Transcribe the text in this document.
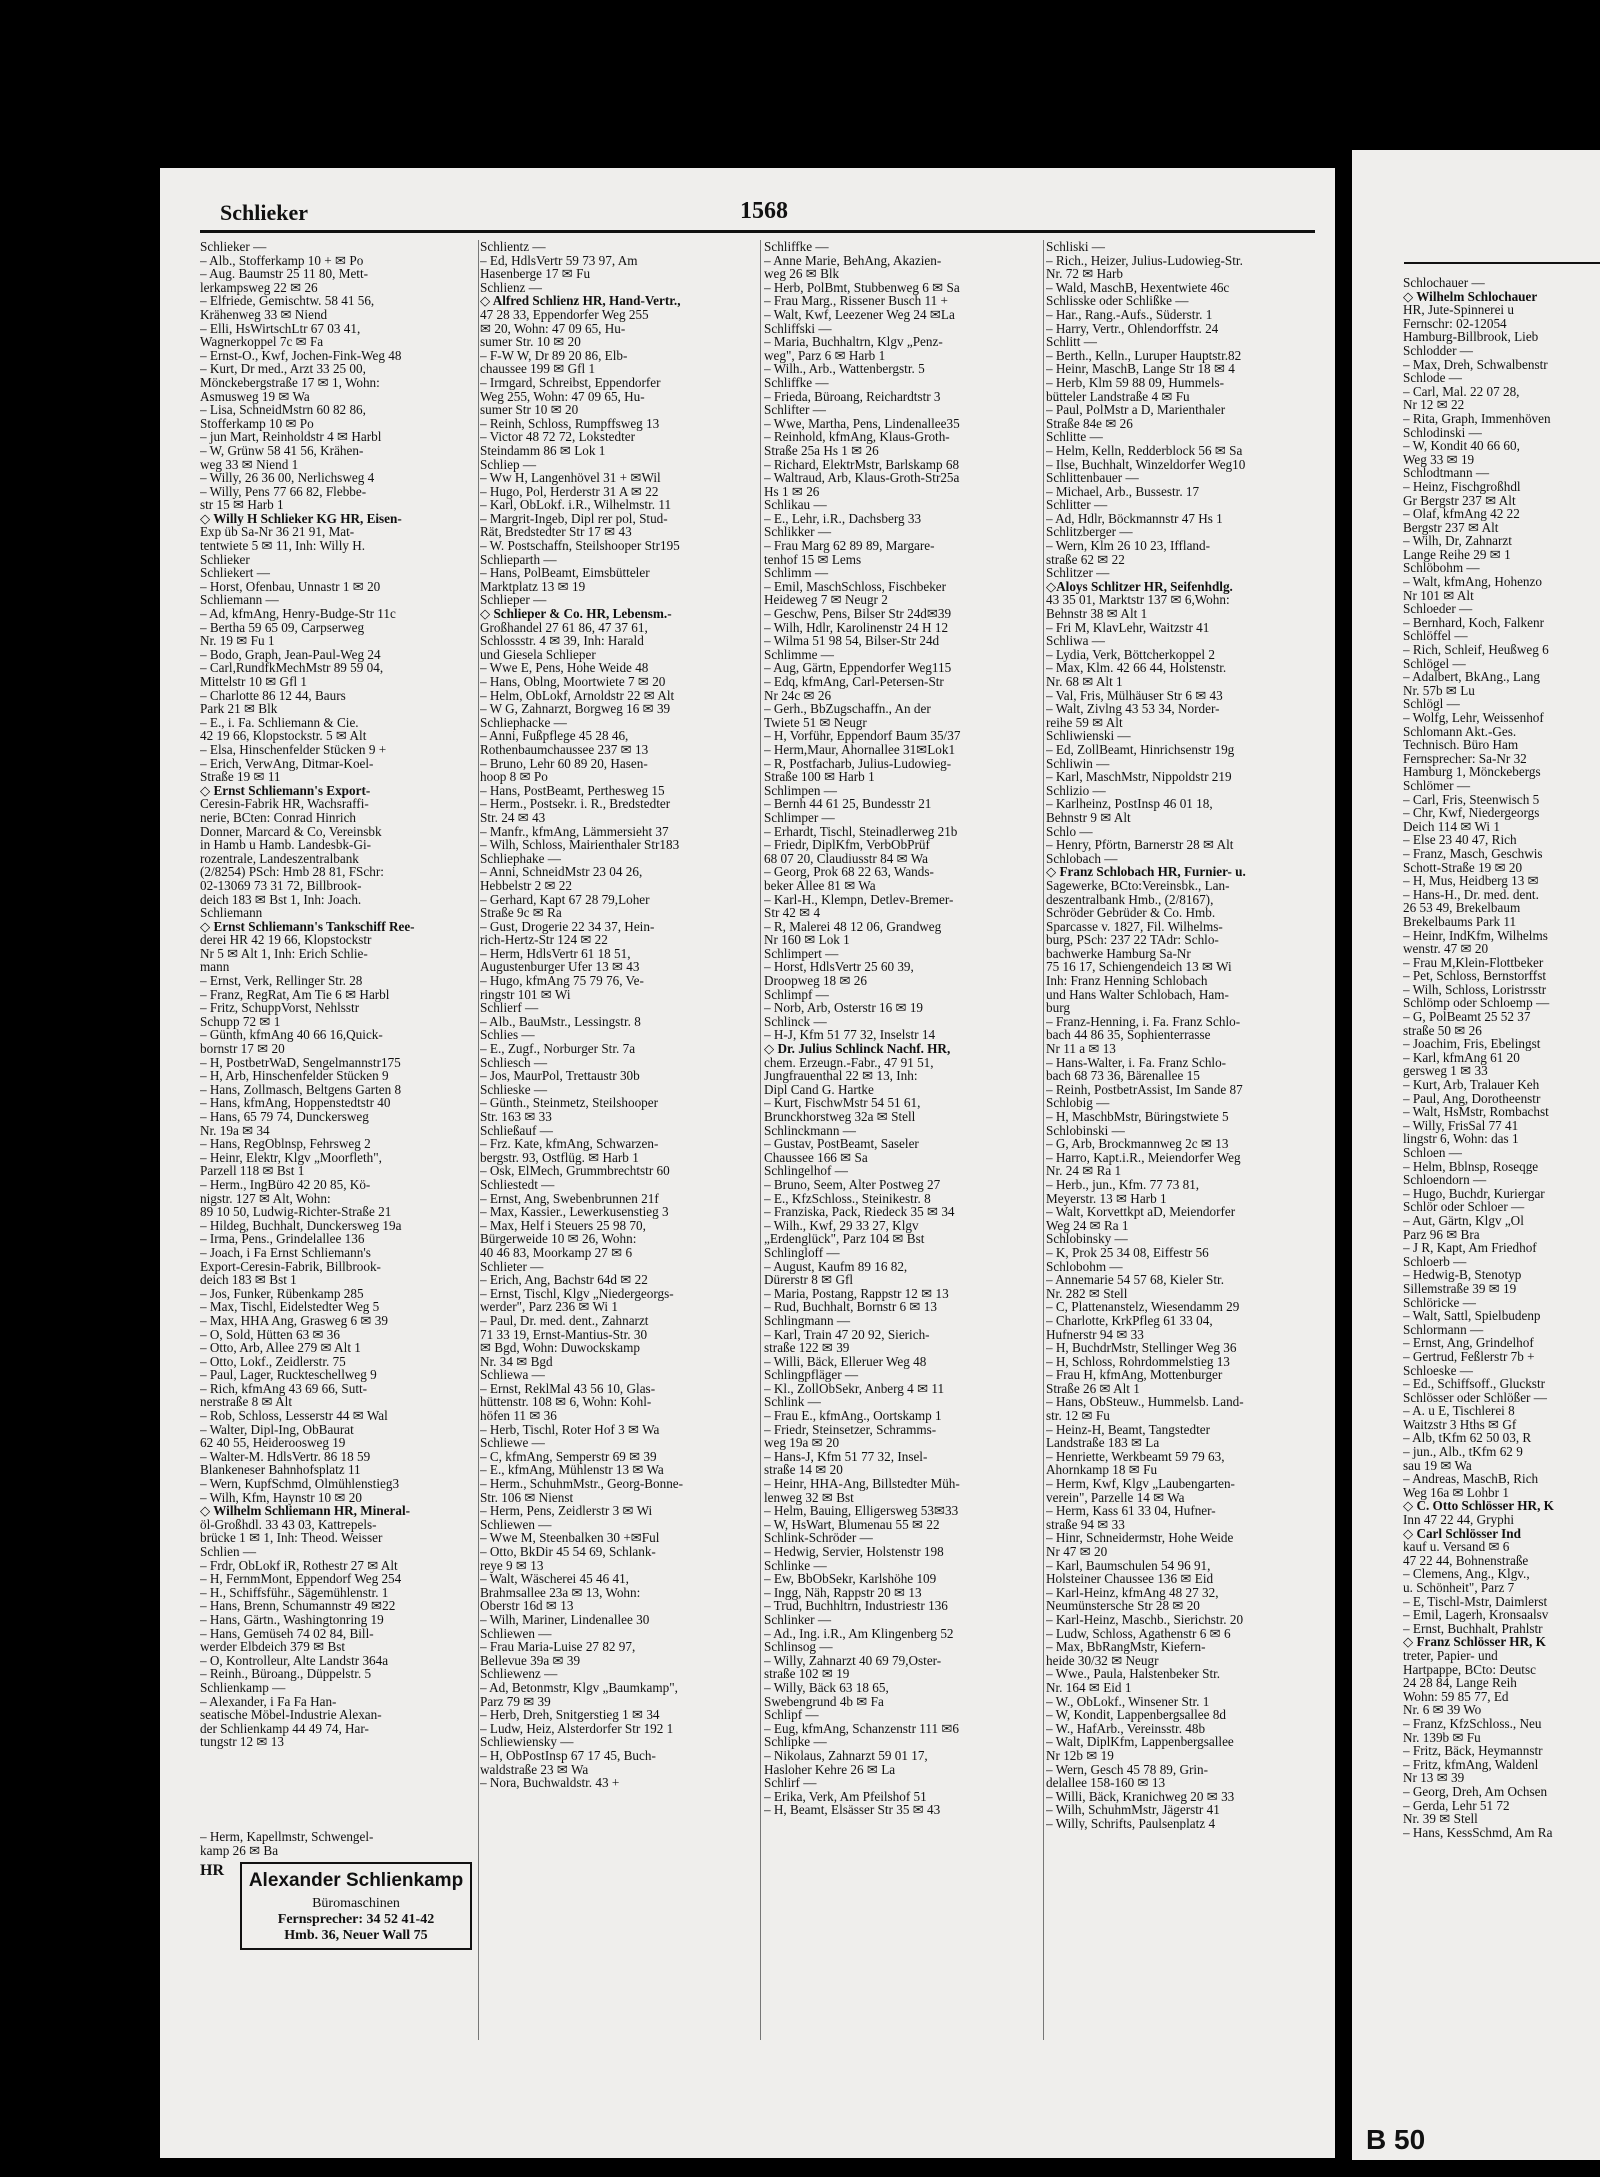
Schlieker	1568
Schlieker —
– Alb., Stofferkamp 10 + ✉ Po
– Aug. Baumstr 25 11 80, Mett-
lerkampsweg 22 ✉ 26
– Elfriede, Gemischtw. 58 41 56,
Krähenweg 33 ✉ Niend
– Elli, HsWirtschLtr 67 03 41,
Wagnerkoppel 7c ✉ Fa
– Ernst-O., Kwf, Jochen-Fink-Weg 48
– Kurt, Dr med., Arzt 33 25 00,
Mönckebergstraße 17 ✉ 1, Wohn:
Asmusweg 19 ✉ Wa
– Lisa, SchneidMstrn 60 82 86,
Stofferkamp 10 ✉ Po
– jun Mart, Reinholdstr 4 ✉ Harbl
– W, Grünw 58 41 56, Krähen-
weg 33 ✉ Niend 1
– Willy, 26 36 00, Nerlichsweg 4
– Willy, Pens 77 66 82, Flebbe-
str 15 ✉ Harb 1
◇ Willy H Schlieker KG HR, Eisen-
Exp üb Sa-Nr 36 21 91, Mat-
tentwiete 5 ✉ 11, Inh: Willy H.
Schlieker
Schliekert —
– Horst, Ofenbau, Unnastr 1 ✉ 20
Schliemann —
– Ad, kfmAng, Henry-Budge-Str 11c
– Bertha 59 65 09, Carpserweg
Nr. 19 ✉ Fu 1
– Bodo, Graph, Jean-Paul-Weg 24
– Carl,RundfkMechMstr 89 59 04,
Mittelstr 10 ✉ Gfl 1
– Charlotte 86 12 44, Baurs
Park 21 ✉ Blk
– E., i. Fa. Schliemann & Cie.
42 19 66, Klopstockstr. 5 ✉ Alt
– Elsa, Hinschenfelder Stücken 9 +
– Erich, VerwAng, Ditmar-Koel-
Straße 19 ✉ 11
◇ Ernst Schliemann's Export-
Ceresin-Fabrik HR, Wachsraffi-
nerie, BCten: Conrad Hinrich
Donner, Marcard & Co, Vereinsbk
in Hamb u Hamb. Landesbk-Gi-
rozentrale, Landeszentralbank
(2/8254) PSch: Hmb 28 81, FSchr:
02-13069 73 31 72, Billbrook-
deich 183 ✉ Bst 1, Inh: Joach.
Schliemann
◇ Ernst Schliemann's Tankschiff Ree-
derei HR 42 19 66, Klopstockstr
Nr 5 ✉ Alt 1, Inh: Erich Schlie-
mann
– Ernst, Verk, Rellinger Str. 28
– Franz, RegRat, Am Tie 6 ✉ Harbl
– Fritz, SchuppVorst, Nehlsstr
Schupp 72 ✉ 1
– Günth, kfmAng 40 66 16,Quick-
bornstr 17 ✉ 20
– H, PostbetrWaD, Sengelmannstr175
– H, Arb, Hinschenfelder Stücken 9
– Hans, Zollmasch, Beltgens Garten 8
– Hans, kfmAng, Hoppenstedtstr 40
– Hans, 65 79 74, Dunckersweg
Nr. 19a ✉ 34
– Hans, RegOblnsp, Fehrsweg 2
– Heinr, Elektr, Klgv „Moorfleth",
Parzell 118 ✉ Bst 1
– Herm., IngBüro 42 20 85, Kö-
nigstr. 127 ✉ Alt, Wohn:
89 10 50, Ludwig-Richter-Straße 21
– Hildeg, Buchhalt, Dunckersweg 19a
– Irma, Pens., Grindelallee 136
– Joach, i Fa Ernst Schliemann's
Export-Ceresin-Fabrik, Billbrook-
deich 183 ✉ Bst 1
– Jos, Funker, Rübenkamp 285
– Max, Tischl, Eidelstedter Weg 5
– Max, HHA Ang, Grasweg 6 ✉ 39
– O, Sold, Hütten 63 ✉ 36
– Otto, Arb, Allee 279 ✉ Alt 1
– Otto, Lokf., Zeidlerstr. 75
– Paul, Lager, Ruckteschellweg 9
– Rich, kfmAng 43 69 66, Sutt-
nerstraße 8 ✉ Alt
– Rob, Schloss, Lesserstr 44 ✉ Wal
– Walter, Dipl-Ing, ObBaurat
62 40 55, Heideroosweg 19
– Walter-M. HdlsVertr. 86 18 59
Blankeneser Bahnhofsplatz 11
– Wern, KupfSchmd, Olmühlenstieg3
– Wilh, Kfm, Haynstr 10 ✉ 20
◇ Wilhelm Schliemann HR, Mineral-
öl-Großhdl. 33 43 03, Kattrepels-
brücke 1 ✉ 1, Inh: Theod. Weisser
Schlien —
– Frdr, ObLokf iR, Rothestr 27 ✉ Alt
– H, FernmMont, Eppendorf Weg 254
– H., Schiffsführ., Sägemühlenstr. 1
– Hans, Brenn, Schumannstr 49 ✉22
– Hans, Gärtn., Washingtonring 19
– Hans, Gemüseh 74 02 84, Bill-
werder Elbdeich 379 ✉ Bst
– O, Kontrolleur, Alte Landstr 364a
– Reinh., Büroang., Düppelstr. 5
Schlienkamp —
– Alexander, i Fa Fa Han-
seatische Möbel-Industrie Alexan-
der Schlienkamp 44 49 74, Har-
tungstr 12 ✉ 13

– Herm, Kapellmstr, Schwengel-
kamp 26 ✉ Ba
Schlientz —
– Ed, HdlsVertr 59 73 97, Am
Hasenberge 17 ✉ Fu
Schlienz —
◇ Alfred Schlienz HR, Hand-Vertr.,
47 28 33, Eppendorfer Weg 255
✉ 20, Wohn: 47 09 65, Hu-
sumer Str. 10 ✉ 20
– F-W W, Dr 89 20 86, Elb-
chaussee 199 ✉ Gfl 1
– Irmgard, Schreibst, Eppendorfer
Weg 255, Wohn: 47 09 65, Hu-
sumer Str 10 ✉ 20
– Reinh, Schloss, Rumpffsweg 13
– Victor 48 72 72, Lokstedter
Steindamm 86 ✉ Lok 1
Schliep —
– Ww H, Langenhövel 31 + ✉Wil
– Hugo, Pol, Herderstr 31 A ✉ 22
– Karl, ObLokf. i.R., Wilhelmstr. 11
– Margrit-Ingeb, Dipl rer pol, Stud-
Rät, Bredstedter Str 17 ✉ 43
– W. Postschaffn, Steilshooper Str195
Schlieparth —
– Hans, PolBeamt, Eimsbütteler
Marktplatz 13 ✉ 19
Schlieper —
◇ Schlieper & Co. HR, Lebensm.-
Großhandel 27 61 86, 47 37 61,
Schlossstr. 4 ✉ 39, Inh: Harald
und Giesela Schlieper
– Wwe E, Pens, Hohe Weide 48
– Hans, Oblng, Moortwiete 7 ✉ 20
– Helm, ObLokf, Arnoldstr 22 ✉ Alt
– W G, Zahnarzt, Borgweg 16 ✉ 39
Schliephacke —
– Anni, Fußpflege 45 28 46,
Rothenbaumchaussee 237 ✉ 13
– Bruno, Lehr 60 89 20, Hasen-
hoop 8 ✉ Po
– Hans, PostBeamt, Perthesweg 15
– Herm., Postsekr. i. R., Bredstedter
Str. 24 ✉ 43
– Manfr., kfmAng, Lämmersieht 37
– Wilh, Schloss, Mairienthaler Str183
Schliephake —
– Anni, SchneidMstr 23 04 26,
Hebbelstr 2 ✉ 22
– Gerhard, Kapt 67 28 79,Loher
Straße 9c ✉ Ra
– Gust, Drogerie 22 34 37, Hein-
rich-Hertz-Str 124 ✉ 22
– Herm, HdlsVertr 61 18 51,
Augustenburger Ufer 13 ✉ 43
– Hugo, kfmAng 75 79 76, Ve-
ringstr 101 ✉ Wi
Schlierf —
– Alb., BauMstr., Lessingstr. 8
Schlies —
– E., Zugf., Norburger Str. 7a
Schliesch —
– Jos, MaurPol, Trettaustr 30b
Schlieske —
– Günth., Steinmetz, Steilshooper
Str. 163 ✉ 33
Schließauf —
– Frz. Kate, kfmAng, Schwarzen-
bergstr. 93, Ostflüg. ✉ Harb 1
– Osk, ElMech, Grummbrechtstr 60
Schliestedt —
– Ernst, Ang, Swebenbrunnen 21f
– Max, Kassier., Lewerkusenstieg 3
– Max, Helf i Steuers 25 98 70,
Bürgerweide 10 ✉ 26, Wohn:
40 46 83, Moorkamp 27 ✉ 6
Schlieter —
– Erich, Ang, Bachstr 64d ✉ 22
– Ernst, Tischl, Klgv „Niedergeorgs-
werder", Parz 236 ✉ Wi 1
– Paul, Dr. med. dent., Zahnarzt
71 33 19, Ernst-Mantius-Str. 30
✉ Bgd, Wohn: Duwockskamp
Nr. 34 ✉ Bgd
Schliewa —
– Ernst, ReklMal 43 56 10, Glas-
hüttenstr. 108 ✉ 6, Wohn: Kohl-
höfen 11 ✉ 36
– Herb, Tischl, Roter Hof 3 ✉ Wa
Schliewe —
– C, kfmAng, Semperstr 69 ✉ 39
– E., kfmAng, Mühlenstr 13 ✉ Wa
– Herm., SchuhmMstr., Georg-Bonne-
Str. 106 ✉ Nienst
– Herm, Pens, Zeidlerstr 3 ✉ Wi
Schliewen —
– Wwe M, Steenbalken 30 +✉Ful
– Otto, BkDir 45 54 69, Schlank-
reye 9 ✉ 13
– Walt, Wäscherei 45 46 41,
Brahmsallee 23a ✉ 13, Wohn:
Oberstr 16d ✉ 13
– Wilh, Mariner, Lindenallee 30
Schliewen —
– Frau Maria-Luise 27 82 97,
Bellevue 39a ✉ 39
Schliewenz —
– Ad, Betonmstr, Klgv „Baumkamp",
Parz 79 ✉ 39
– Herb, Dreh, Snitgerstieg 1 ✉ 34
– Ludw, Heiz, Alsterdorfer Str 192 1
Schliewiensky —
– H, ObPostInsp 67 17 45, Buch-
waldstraße 23 ✉ Wa
– Nora, Buchwaldstr. 43 +
Schliffke —
– Anne Marie, BehAng, Akazien-
weg 26 ✉ Blk
– Herb, PolBmt, Stubbenweg 6 ✉ Sa
– Frau Marg., Rissener Busch 11 +
– Walt, Kwf, Leezener Weg 24 ✉La
Schliffski —
– Maria, Buchhaltrn, Klgv „Penz-
weg", Parz 6 ✉ Harb 1
– Wilh., Arb., Wattenbergstr. 5
Schliffke —
– Frieda, Büroang, Reichardtstr 3
Schlifter —
– Wwe, Martha, Pens, Lindenallee35
– Reinhold, kfmAng, Klaus-Groth-
Straße 25a Hs 1 ✉ 26
– Richard, ElektrMstr, Barlskamp 68
– Waltraud, Arb, Klaus-Groth-Str25a
Hs 1 ✉ 26
Schlikau —
– E., Lehr, i.R., Dachsberg 33
Schlikker —
– Frau Marg 62 89 89, Margare-
tenhof 15 ✉ Lems
Schlimm —
– Emil, MaschSchloss, Fischbeker
Heideweg 7 ✉ Neugr 2
– Geschw, Pens, Bilser Str 24d✉39
– Wilh, Hdlr, Karolinenstr 24 H 12
– Wilma 51 98 54, Bilser-Str 24d
Schlimme —
– Aug, Gärtn, Eppendorfer Weg115
– Edq, kfmAng, Carl-Petersen-Str
Nr 24c ✉ 26
– Gerh., BbZugschaffn., An der
Twiete 51 ✉ Neugr
– H, Vorführ, Eppendorf Baum 35/37
– Herm,Maur, Ahornallee 31✉Lok1
– R, Postfacharb, Julius-Ludowieg-
Straße 100 ✉ Harb 1
Schlimpen —
– Bernh 44 61 25, Bundesstr 21
Schlimper —
– Erhardt, Tischl, Steinadlerweg 21b
– Friedr, DiplKfm, VerbObPrüf
68 07 20, Claudiusstr 84 ✉ Wa
– Georg, Prok 68 22 63, Wands-
beker Allee 81 ✉ Wa
– Karl-H., Klempn, Detlev-Bremer-
Str 42 ✉ 4
– R, Malerei 48 12 06, Grandweg
Nr 160 ✉ Lok 1
Schlimpert —
– Horst, HdlsVertr 25 60 39,
Droopweg 18 ✉ 26
Schlimpf —
– Norb, Arb, Osterstr 16 ✉ 19
Schlinck —
– H-J, Kfm 51 77 32, Inselstr 14
◇ Dr. Julius Schlinck Nachf. HR,
chem. Erzeugn.-Fabr., 47 91 51,
Jungfrauenthal 22 ✉ 13, Inh:
Dipl Cand G. Hartke
– Kurt, FischwMstr 54 51 61,
Brunckhorstweg 32a ✉ Stell
Schlinckmann —
– Gustav, PostBeamt, Saseler
Chaussee 166 ✉ Sa
Schlingelhof —
– Bruno, Seem, Alter Postweg 27
– E., KfzSchloss., Steinikestr. 8
– Franziska, Pack, Riedeck 35 ✉ 34
– Wilh., Kwf, 29 33 27, Klgv
„Erdenglück", Parz 104 ✉ Bst
Schlingloff —
– August, Kaufm 89 16 82,
Dürerstr 8 ✉ Gfl
– Maria, Postang, Rappstr 12 ✉ 13
– Rud, Buchhalt, Bornstr 6 ✉ 13
Schlingmann —
– Karl, Train 47 20 92, Sierich-
straße 122 ✉ 39
– Willi, Bäck, Elleruer Weg 48
Schlingpfläger —
– Kl., ZollObSekr, Anberg 4 ✉ 11
Schlink —
– Frau E., kfmAng., Oortskamp 1
– Friedr, Steinsetzer, Schramms-
weg 19a ✉ 20
– Hans-J, Kfm 51 77 32, Insel-
straße 14 ✉ 20
– Heinr, HHA-Ang, Billstedter Müh-
lenweg 32 ✉ Bst
– Helm, Bauing, Elligersweg 53✉33
– W, HsWart, Blumenau 55 ✉ 22
Schlink-Schröder —
– Hedwig, Servier, Holstenstr 198
Schlinke —
– Ew, BbObSekr, Karlshöhe 109
– Ingg, Näh, Rappstr 20 ✉ 13
– Trud, Buchhltrn, Industriestr 136
Schlinker —
– Ad., Ing. i.R., Am Klingenberg 52
Schlinsog —
– Willy, Zahnarzt 40 69 79,Oster-
straße 102 ✉ 19
– Willy, Bäck 63 18 65,
Swebengrund 4b ✉ Fa
Schlipf —
– Eug, kfmAng, Schanzenstr 111 ✉6
Schlipke —
– Nikolaus, Zahnarzt 59 01 17,
Hasloher Kehre 26 ✉ La
Schlirf —
– Erika, Verk, Am Pfeilshof 51
– H, Beamt, Elsässer Str 35 ✉ 43
Schliski —
– Rich., Heizer, Julius-Ludowieg-Str.
Nr. 72 ✉ Harb
– Wald, MaschB, Hexentwiete 46c
Schlisske oder Schlißke —
– Har., Rang.-Aufs., Süderstr. 1
– Harry, Vertr., Ohlendorffstr. 24
Schlitt —
– Berth., Kelln., Luruper Hauptstr.82
– Heinr, MaschB, Lange Str 18 ✉ 4
– Herb, Klm 59 88 09, Hummels-
bütteler Landstraße 4 ✉ Fu
– Paul, PolMstr a D, Marienthaler
Straße 84e ✉ 26
Schlitte —
– Helm, Kelln, Redderblock 56 ✉ Sa
– Ilse, Buchhalt, Winzeldorfer Weg10
Schlittenbauer —
– Michael, Arb., Bussestr. 17
Schlitter —
– Ad, Hdlr, Böckmannstr 47 Hs 1
Schlitzberger —
– Wern, Klm 26 10 23, Iffland-
straße 62 ✉ 22
Schlitzer —
◇Aloys Schlitzer HR, Seifenhdlg.
43 35 01, Marktstr 137 ✉ 6,Wohn:
Behnstr 38 ✉ Alt 1
– Fri M, KlavLehr, Waitzstr 41
Schliwa —
– Lydia, Verk, Böttcherkoppel 2
– Max, Klm. 42 66 44, Holstenstr.
Nr. 68 ✉ Alt 1
– Val, Fris, Mülhäuser Str 6 ✉ 43
– Walt, Zivlng 43 53 34, Norder-
reihe 59 ✉ Alt
Schliwienski —
– Ed, ZollBeamt, Hinrichsenstr 19g
Schliwin —
– Karl, MaschMstr, Nippoldstr 219
Schlizio —
– Karlheinz, PostInsp 46 01 18,
Behnstr 9 ✉ Alt
Schlo —
– Henry, Pförtn, Barnerstr 28 ✉ Alt
Schlobach —
◇ Franz Schlobach HR, Furnier- u.
Sagewerke, BCto:Vereinsbk., Lan-
deszentralbank Hmb., (2/8167),
Schröder Gebrüder & Co. Hmb.
Sparcasse v. 1827, Fil. Wilhelms-
burg, PSch: 237 22 TAdr: Schlo-
bachwerke Hamburg Sa-Nr
75 16 17, Schiengendeich 13 ✉ Wi
Inh: Franz Henning Schlobach
und Hans Walter Schlobach, Ham-
burg
– Franz-Henning, i. Fa. Franz Schlo-
bach 44 86 35, Sophienterrasse
Nr 11 a ✉ 13
– Hans-Walter, i. Fa. Franz Schlo-
bach 68 73 36, Bärenallee 15
– Reinh, PostbetrAssist, Im Sande 87
Schlobig —
– H, MaschbMstr, Büringstwiete 5
Schlobinski —
– G, Arb, Brockmannweg 2c ✉ 13
– Harro, Kapt.i.R., Meiendorfer Weg
Nr. 24 ✉ Ra 1
– Herb., jun., Kfm. 77 73 81,
Meyerstr. 13 ✉ Harb 1
– Walt, Korvettkpt aD, Meiendorfer
Weg 24 ✉ Ra 1
Schlobinsky —
– K, Prok 25 34 08, Eiffestr 56
Schlobohm —
– Annemarie 54 57 68, Kieler Str.
Nr. 282 ✉ Stell
– C, Plattenanstelz, Wiesendamm 29
– Charlotte, KrkPfleg 61 33 04,
Hufnerstr 94 ✉ 33
– H, BuchdrMstr, Stellinger Weg 36
– H, Schloss, Rohrdommelstieg 13
– Frau H, kfmAng, Mottenburger
Straße 26 ✉ Alt 1
– Hans, ObSteuw., Hummelsb. Land-
str. 12 ✉ Fu
– Heinz-H, Beamt, Tangstedter
Landstraße 183 ✉ La
– Henriette, Werkbeamt 59 79 63,
Ahornkamp 18 ✉ Fu
– Herm, Kwf, Klgv „Laubengarten-
verein", Parzelle 14 ✉ Wa
– Herm, Kass 61 33 04, Hufner-
straße 94 ✉ 33
– Hinr, Schneidermstr, Hohe Weide
Nr 47 ✉ 20
– Karl, Baumschulen 54 96 91,
Holsteiner Chaussee 136 ✉ Eid
– Karl-Heinz, kfmAng 48 27 32,
Neumünstersche Str 28 ✉ 20
– Karl-Heinz, Maschb., Sierichstr. 20
– Ludw, Schloss, Agathenstr 6 ✉ 6
– Max, BbRangMstr, Kiefern-
heide 30/32 ✉ Neugr
– Wwe., Paula, Halstenbeker Str.
Nr. 164 ✉ Eid 1
– W., ObLokf., Winsener Str. 1
– W, Kondit, Lappenbergsallee 8d
– W., HafArb., Vereinsstr. 48b
– Walt, DiplKfm, Lappenbergsallee
Nr 12b ✉ 19
– Wern, Gesch 45 78 89, Grin-
delallee 158-160 ✉ 13
– Willi, Bäck, Kranichweg 20 ✉ 33
– Wilh, SchuhmMstr, Jägerstr 41
– Willy, Schrifts, Paulsenplatz 4
Schlochauer —
◇ Wilhelm Schlochauer
HR, Jute-Spinnerei u
Fernschr: 02-12054
Hamburg-Billbrook, Lieb
Schlodder —
– Max, Dreh, Schwalbenstr
Schlode —
– Carl, Mal. 22 07 28,
Nr 12 ✉ 22
– Rita, Graph, Immenhöven
Schlodinski —
– W, Kondit 40 66 60,
Weg 33 ✉ 19
Schlodtmann —
– Heinz, Fischgroßhdl
Gr Bergstr 237 ✉ Alt
– Olaf, kfmAng 42 22
Bergstr 237 ✉ Alt
– Wilh, Dr, Zahnarzt
Lange Reihe 29 ✉ 1
Schlöbohm —
– Walt, kfmAng, Hohenzo
Nr 101 ✉ Alt
Schloeder —
– Bernhard, Koch, Falkenr
Schlöffel —
– Rich, Schleif, Heußweg 6
Schlögel —
– Adalbert, BkAng., Lang
Nr. 57b ✉ Lu
Schlögl —
– Wolfg, Lehr, Weissenhof
Schlomann Akt.-Ges.
Technisch. Büro Ham
Fernsprecher: Sa-Nr 32
Hamburg 1, Mönckebergs
Schlömer —
– Carl, Fris, Steenwisch 5
– Chr, Kwf, Niedergeorgs
Deich 114 ✉ Wi 1
– Else 23 40 47, Rich
– Franz, Masch, Geschwis
Schott-Straße 19 ✉ 20
– H, Mus, Heidberg 13 ✉
– Hans-H., Dr. med. dent.
26 53 49, Brekelbaum
Brekelbaums Park 11
– Heinr, IndKfm, Wilhelms
wenstr. 47 ✉ 20
– Frau M,Klein-Flottbeker
– Pet, Schloss, Bernstorffst
– Wilh, Schloss, Loristrsstr
Schlömp oder Schloemp —
– G, PolBeamt 25 52 37
straße 50 ✉ 26
– Joachim, Fris, Ebelingst
– Karl, kfmAng 61 20
gersweg 1 ✉ 33
– Kurt, Arb, Tralauer Keh
– Paul, Ang, Dorotheenstr
– Walt, HsMstr, Rombachst
– Willy, FrisSal 77 41
lingstr 6, Wohn: das 1
Schloen —
– Helm, Bblnsp, Roseqge
Schloendorn —
– Hugo, Buchdr, Kuriergar
Schlör oder Schloer —
– Aut, Gärtn, Klgv „Ol
Parz 96 ✉ Bra
– J R, Kapt, Am Friedhof
Schloerb —
– Hedwig-B, Stenotyp
Sillemstraße 39 ✉ 19
Schlöricke —
– Walt, Sattl, Spielbudenp
Schlormann —
– Ernst, Ang, Grindelhof
– Gertrud, Feßlerstr 7b +
Schloeske —
– Ed., Schiffsoff., Gluckstr
Schlösser oder Schlößer —
– A. u E, Tischlerei 8
Waitzstr 3 Hths ✉ Gf
– Alb, tKfm 62 50 03, R
– jun., Alb., tKfm 62 9
sau 19 ✉ Wa
– Andreas, MaschB, Rich
Weg 16a ✉ Lohbr 1
◇ C. Otto Schlösser HR, K
Inn 47 22 44, Gryphi
◇ Carl Schlösser Ind
kauf u. Versand ✉ 6
47 22 44, Bohnenstraße
– Clemens, Ang., Klgv.,
u. Schönheit", Parz 7
– E, Tischl-Mstr, Daimlerst
– Emil, Lagerh, Kronsaalsv
– Ernst, Buchhalt, Prahlstr
◇ Franz Schlösser HR, K
treter, Papier- und
Hartpappe, BCto: Deutsc
24 28 84, Lange Reih
Wohn: 59 85 77, Ed
Nr. 6 ✉ 39 Wo
– Franz, KfzSchloss., Neu
Nr. 139b ✉ Fu
– Fritz, Bäck, Heymannstr
– Fritz, kfmAng, Waldenl
Nr 13 ✉ 39
– Georg, Dreh, Am Ochsen
– Gerda, Lehr 51 72
Nr. 39 ✉ Stell
– Hans, KessSchmd, Am Ra
HR	Alexander Schlienkamp
Büromaschinen
Fernsprecher: 34 52 41-42
Hmb. 36, Neuer Wall 75
B 50
